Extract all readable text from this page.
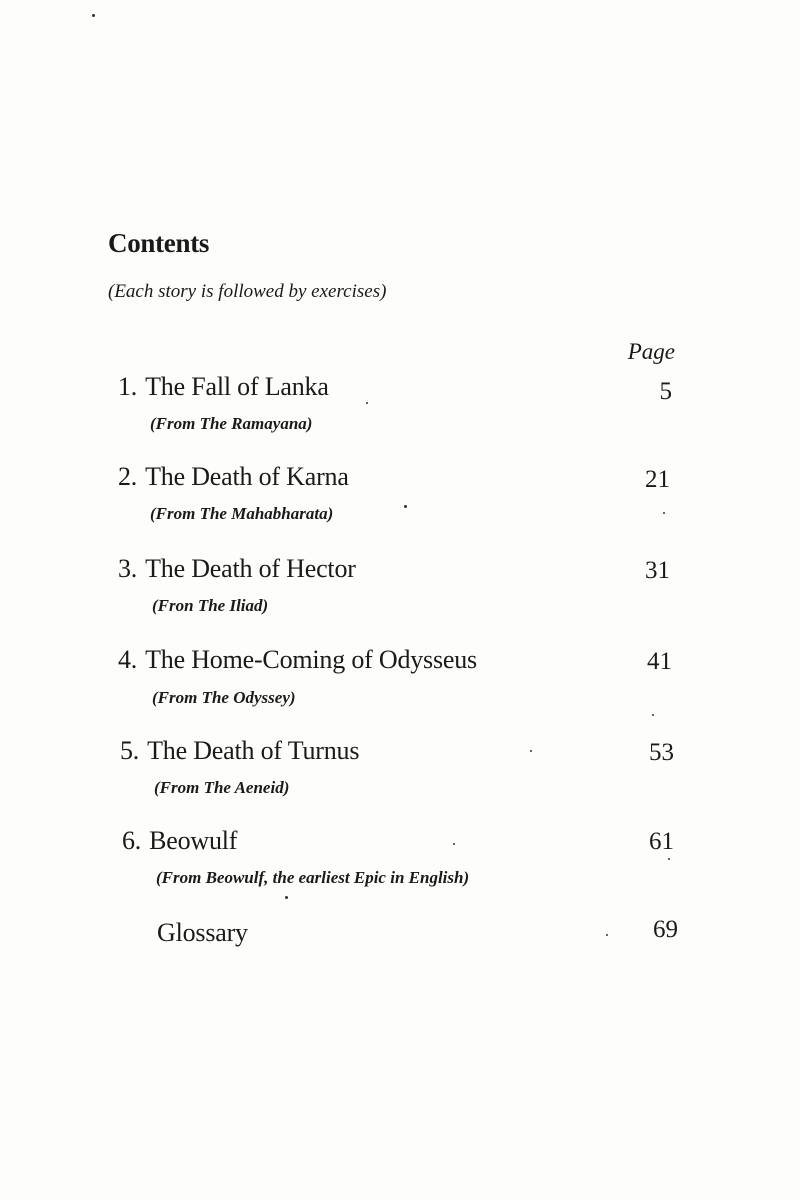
Contents
(Each story is followed by exercises)
Page
1. The Fall of Lanka
(From The Ramayana)
5
2. The Death of Karna
(From The Mahabharata)
21
3. The Death of Hector
(Fron The Iliad)
31
4. The Home-Coming of Odysseus
(From The Odyssey)
41
5. The Death of Turnus
(From The Aeneid)
53
6. Beowulf
(From Beowulf, the earliest Epic in English)
61
Glossary	69
